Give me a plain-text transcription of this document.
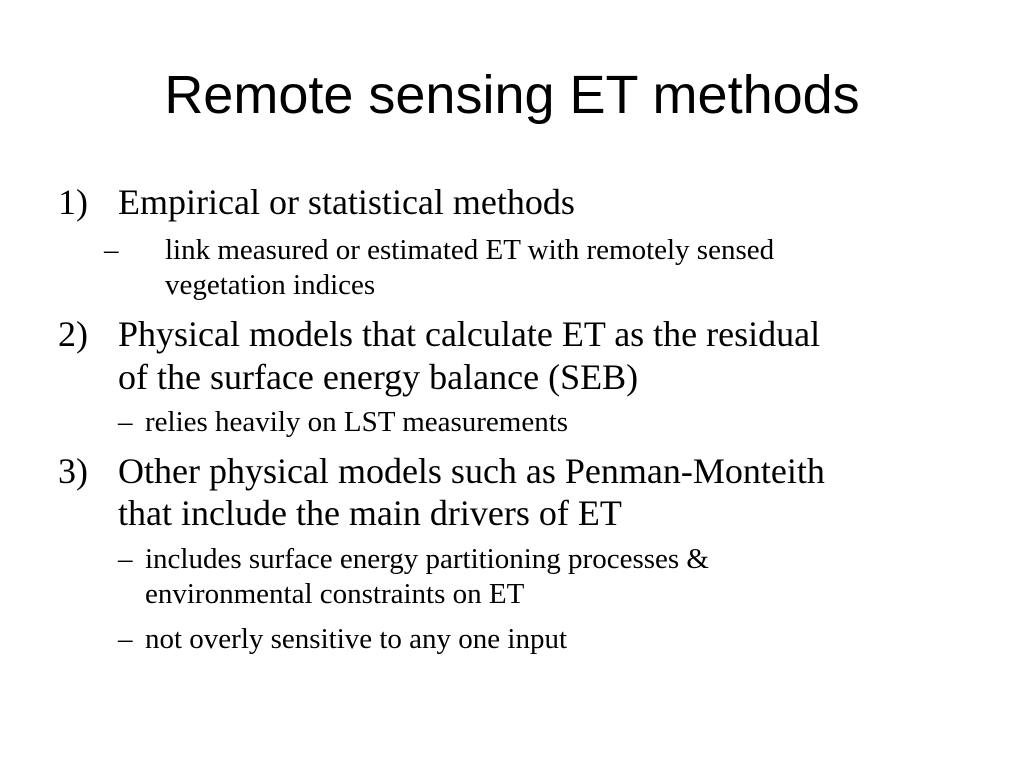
Remote sensing ET methods
1) Empirical or statistical methods
– link measured or estimated ET with remotely sensed
vegetation indices
2) Physical models that calculate ET as the residual
of the surface energy balance (SEB)
– relies heavily on LST measurements
3) Other physical models such as Penman-Monteith
that include the main drivers of ET
– includes surface energy partitioning processes &
environmental constraints on ET
– not overly sensitive to any one input
